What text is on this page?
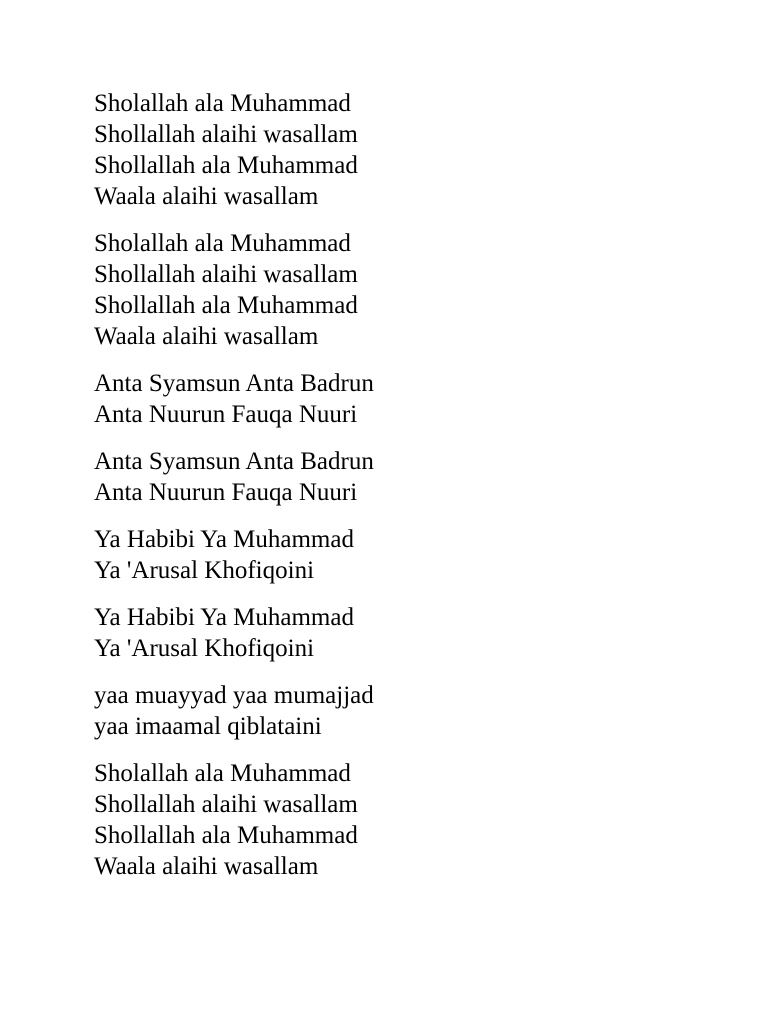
Sholallah ala Muhammad
Shollallah alaihi wasallam
Shollallah ala Muhammad
Waala alaihi wasallam
Sholallah ala Muhammad
Shollallah alaihi wasallam
Shollallah ala Muhammad
Waala alaihi wasallam
Anta Syamsun Anta Badrun
Anta Nuurun Fauqa Nuuri
Anta Syamsun Anta Badrun
Anta Nuurun Fauqa Nuuri
Ya Habibi Ya Muhammad
Ya 'Arusal Khofiqoini
Ya Habibi Ya Muhammad
Ya 'Arusal Khofiqoini
yaa muayyad yaa mumajjad
yaa imaamal qiblataini
Sholallah ala Muhammad
Shollallah alaihi wasallam
Shollallah ala Muhammad
Waala alaihi wasallam
